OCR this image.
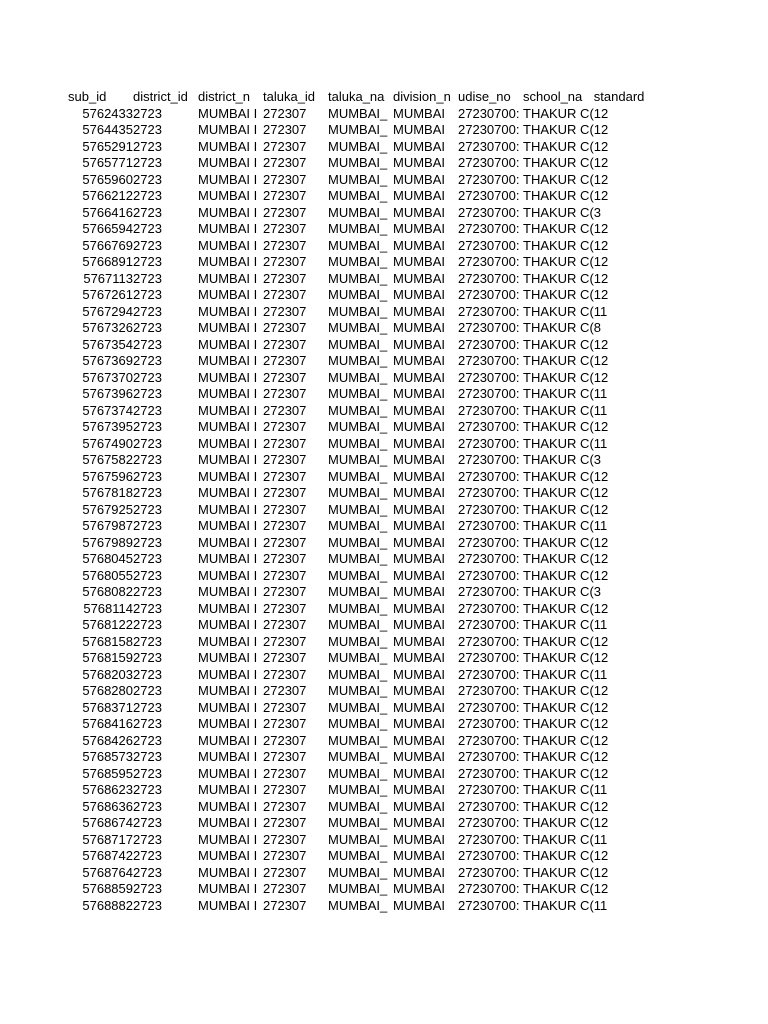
sub_id	district_id	district_n	taluka_id	taluka_na	division_n	udise_no	school_na	standard
5762433	2723	MUMBAI I	272307	MUMBAI_	MUMBAI	27230700:	THAKUR C(	12
5764435	2723	MUMBAI I	272307	MUMBAI_	MUMBAI	27230700:	THAKUR C(	12
5765291	2723	MUMBAI I	272307	MUMBAI_	MUMBAI	27230700:	THAKUR C(	12
5765771	2723	MUMBAI I	272307	MUMBAI_	MUMBAI	27230700:	THAKUR C(	12
5765960	2723	MUMBAI I	272307	MUMBAI_	MUMBAI	27230700:	THAKUR C(	12
5766212	2723	MUMBAI I	272307	MUMBAI_	MUMBAI	27230700:	THAKUR C(	12
5766416	2723	MUMBAI I	272307	MUMBAI_	MUMBAI	27230700:	THAKUR C(	3
5766594	2723	MUMBAI I	272307	MUMBAI_	MUMBAI	27230700:	THAKUR C(	12
5766769	2723	MUMBAI I	272307	MUMBAI_	MUMBAI	27230700:	THAKUR C(	12
5766891	2723	MUMBAI I	272307	MUMBAI_	MUMBAI	27230700:	THAKUR C(	12
5767113	2723	MUMBAI I	272307	MUMBAI_	MUMBAI	27230700:	THAKUR C(	12
5767261	2723	MUMBAI I	272307	MUMBAI_	MUMBAI	27230700:	THAKUR C(	12
5767294	2723	MUMBAI I	272307	MUMBAI_	MUMBAI	27230700:	THAKUR C(	11
5767326	2723	MUMBAI I	272307	MUMBAI_	MUMBAI	27230700:	THAKUR C(	8
5767354	2723	MUMBAI I	272307	MUMBAI_	MUMBAI	27230700:	THAKUR C(	12
5767369	2723	MUMBAI I	272307	MUMBAI_	MUMBAI	27230700:	THAKUR C(	12
5767370	2723	MUMBAI I	272307	MUMBAI_	MUMBAI	27230700:	THAKUR C(	12
5767396	2723	MUMBAI I	272307	MUMBAI_	MUMBAI	27230700:	THAKUR C(	11
5767374	2723	MUMBAI I	272307	MUMBAI_	MUMBAI	27230700:	THAKUR C(	11
5767395	2723	MUMBAI I	272307	MUMBAI_	MUMBAI	27230700:	THAKUR C(	12
5767490	2723	MUMBAI I	272307	MUMBAI_	MUMBAI	27230700:	THAKUR C(	11
5767582	2723	MUMBAI I	272307	MUMBAI_	MUMBAI	27230700:	THAKUR C(	3
5767596	2723	MUMBAI I	272307	MUMBAI_	MUMBAI	27230700:	THAKUR C(	12
5767818	2723	MUMBAI I	272307	MUMBAI_	MUMBAI	27230700:	THAKUR C(	12
5767925	2723	MUMBAI I	272307	MUMBAI_	MUMBAI	27230700:	THAKUR C(	12
5767987	2723	MUMBAI I	272307	MUMBAI_	MUMBAI	27230700:	THAKUR C(	11
5767989	2723	MUMBAI I	272307	MUMBAI_	MUMBAI	27230700:	THAKUR C(	12
5768045	2723	MUMBAI I	272307	MUMBAI_	MUMBAI	27230700:	THAKUR C(	12
5768055	2723	MUMBAI I	272307	MUMBAI_	MUMBAI	27230700:	THAKUR C(	12
5768082	2723	MUMBAI I	272307	MUMBAI_	MUMBAI	27230700:	THAKUR C(	3
5768114	2723	MUMBAI I	272307	MUMBAI_	MUMBAI	27230700:	THAKUR C(	12
5768122	2723	MUMBAI I	272307	MUMBAI_	MUMBAI	27230700:	THAKUR C(	11
5768158	2723	MUMBAI I	272307	MUMBAI_	MUMBAI	27230700:	THAKUR C(	12
5768159	2723	MUMBAI I	272307	MUMBAI_	MUMBAI	27230700:	THAKUR C(	12
5768203	2723	MUMBAI I	272307	MUMBAI_	MUMBAI	27230700:	THAKUR C(	11
5768280	2723	MUMBAI I	272307	MUMBAI_	MUMBAI	27230700:	THAKUR C(	12
5768371	2723	MUMBAI I	272307	MUMBAI_	MUMBAI	27230700:	THAKUR C(	12
5768416	2723	MUMBAI I	272307	MUMBAI_	MUMBAI	27230700:	THAKUR C(	12
5768426	2723	MUMBAI I	272307	MUMBAI_	MUMBAI	27230700:	THAKUR C(	12
5768573	2723	MUMBAI I	272307	MUMBAI_	MUMBAI	27230700:	THAKUR C(	12
5768595	2723	MUMBAI I	272307	MUMBAI_	MUMBAI	27230700:	THAKUR C(	12
5768623	2723	MUMBAI I	272307	MUMBAI_	MUMBAI	27230700:	THAKUR C(	11
5768636	2723	MUMBAI I	272307	MUMBAI_	MUMBAI	27230700:	THAKUR C(	12
5768674	2723	MUMBAI I	272307	MUMBAI_	MUMBAI	27230700:	THAKUR C(	12
5768717	2723	MUMBAI I	272307	MUMBAI_	MUMBAI	27230700:	THAKUR C(	11
5768742	2723	MUMBAI I	272307	MUMBAI_	MUMBAI	27230700:	THAKUR C(	12
5768764	2723	MUMBAI I	272307	MUMBAI_	MUMBAI	27230700:	THAKUR C(	12
5768859	2723	MUMBAI I	272307	MUMBAI_	MUMBAI	27230700:	THAKUR C(	12
5768882	2723	MUMBAI I	272307	MUMBAI_	MUMBAI	27230700:	THAKUR C(	11
